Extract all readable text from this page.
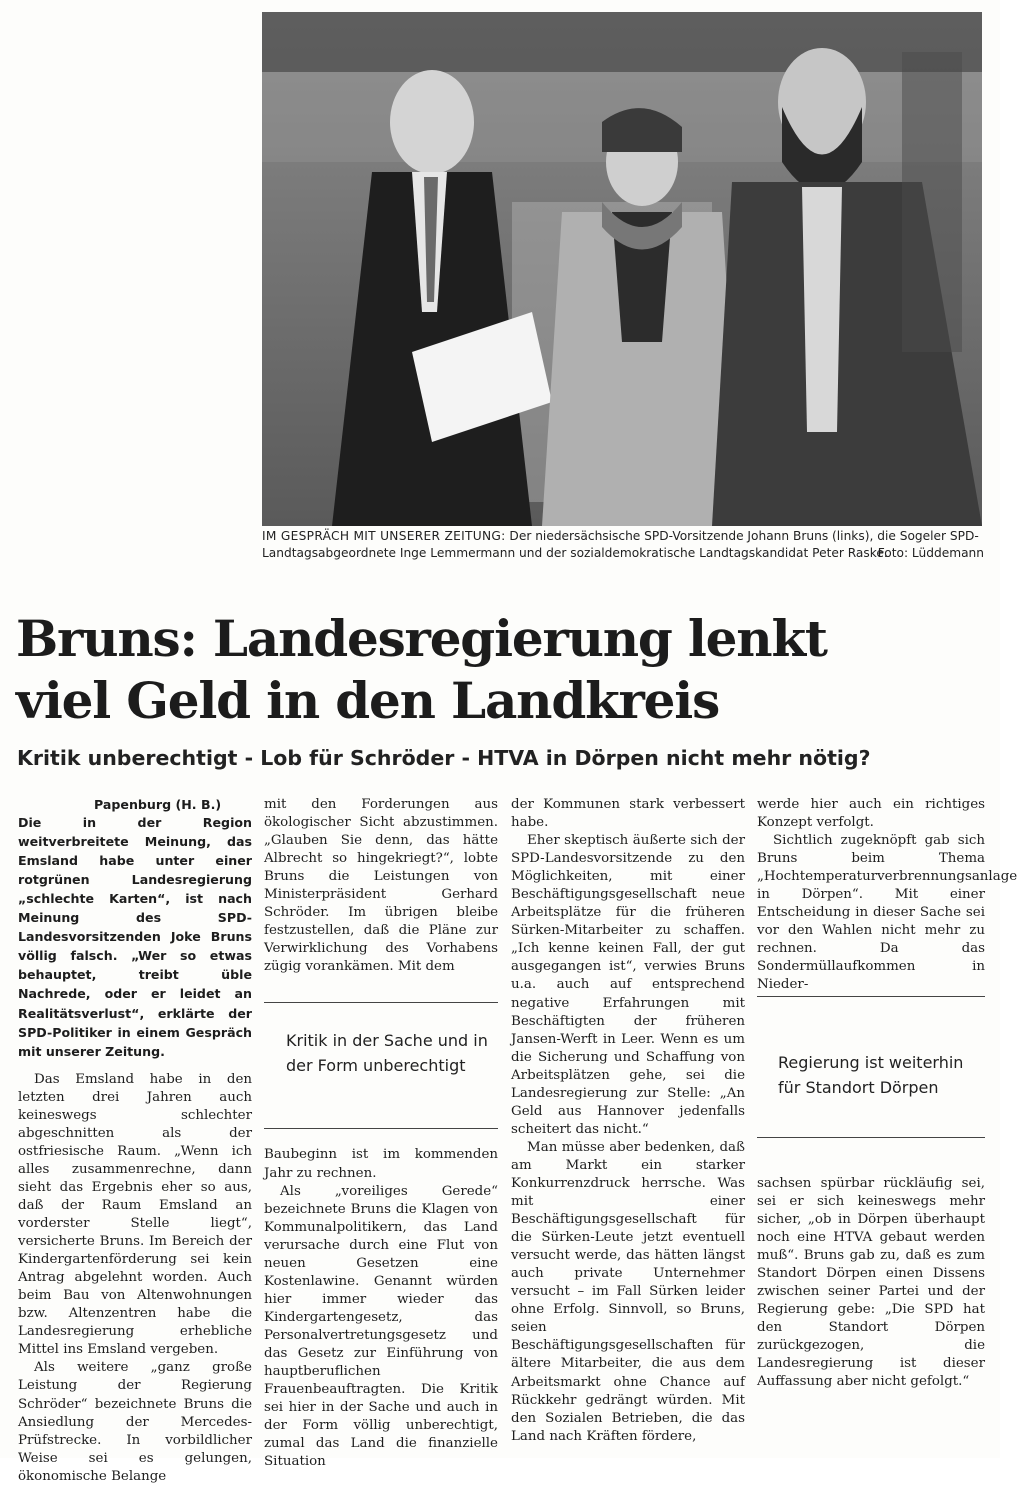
IM GESPRÄCH MIT UNSERER ZEITUNG: Der niedersächsische SPD-Vorsitzende Johann Bruns (links), die Sogeler SPD-Landtagsabgeordnete Inge Lemmermann und der sozialdemokratische Landtagskandidat Peter Raske.
Foto: Lüddemann
Bruns: Landesregierung lenkt
viel Geld in den Landkreis
Kritik unberechtigt - Lob für Schröder - HTVA in Dörpen nicht mehr nötig?

Papenburg (H. B.)

Die in der Region weitverbreitete Meinung, das Emsland habe unter einer rotgrünen Landesregierung „schlechte Karten“, ist nach Meinung des SPD-Landesvorsitzenden Joke Bruns völlig falsch. „Wer so etwas behauptet, treibt üble Nachrede, oder er leidet an Realitätsverlust“, erklärte der SPD-Politiker in einem Gespräch mit unserer Zeitung.

Das Emsland habe in den letzten drei Jahren auch keineswegs schlechter abgeschnitten als der ostfriesische Raum. „Wenn ich alles zusammenrechne, dann sieht das Ergebnis eher so aus, daß der Raum Emsland an vorderster Stelle liegt“, versicherte Bruns. Im Bereich der Kindergartenförderung sei kein Antrag abgelehnt worden. Auch beim Bau von Altenwohnungen bzw. Altenzentren habe die Landesregierung erhebliche Mittel ins Emsland vergeben.

Als weitere „ganz große Leistung der Regierung Schröder“ bezeichnete Bruns die Ansiedlung der Mercedes-Prüfstrecke. In vorbildlicher Weise sei es gelungen, ökonomische Belange

mit den Forderungen aus ökologischer Sicht abzustimmen. „Glauben Sie denn, das hätte Albrecht so hingekriegt?“, lobte Bruns die Leistungen von Ministerpräsident Gerhard Schröder. Im übrigen bleibe festzustellen, daß die Pläne zur Verwirklichung des Vorhabens zügig vorankämen. Mit dem

Baubeginn ist im kommenden Jahr zu rechnen.

Als „voreiliges Gerede“ bezeichnete Bruns die Klagen von Kommunalpolitikern, das Land verursache durch eine Flut von neuen Gesetzen eine Kostenlawine. Genannt würden hier immer wieder das Kindergartengesetz, das Personalvertretungsgesetz und das Gesetz zur Einführung von hauptberuflichen Frauenbeauftragten. Die Kritik sei hier in der Sache und auch in der Form völlig unberechtigt, zumal das Land die finanzielle Situation

Kritik in der Sache und in der Form unberechtigt

der Kommunen stark verbessert habe.

Eher skeptisch äußerte sich der SPD-Landesvorsitzende zu den Möglichkeiten, mit einer Beschäftigungsgesellschaft neue Arbeitsplätze für die früheren Sürken-Mitarbeiter zu schaffen. „Ich kenne keinen Fall, der gut ausgegangen ist“, verwies Bruns u.a. auch auf entsprechend negative Erfahrungen mit Beschäftigten der früheren Jansen-Werft in Leer. Wenn es um die Sicherung und Schaffung von Arbeitsplätzen gehe, sei die Landesregierung zur Stelle: „An Geld aus Hannover jedenfalls scheitert das nicht.“

Man müsse aber bedenken, daß am Markt ein starker Konkurrenzdruck herrsche. Was mit einer Beschäftigungsgesellschaft für die Sürken-Leute jetzt eventuell versucht werde, das hätten längst auch private Unternehmer versucht – im Fall Sürken leider ohne Erfolg. Sinnvoll, so Bruns, seien Beschäftigungsgesellschaften für ältere Mitarbeiter, die aus dem Arbeitsmarkt ohne Chance auf Rückkehr gedrängt würden. Mit den Sozialen Betrieben, die das Land nach Kräften fördere,

werde hier auch ein richtiges Konzept verfolgt.

Sichtlich zugeknöpft gab sich Bruns beim Thema „Hochtemperaturverbrennungsanlage in Dörpen“. Mit einer Entscheidung in dieser Sache sei vor den Wahlen nicht mehr zu rechnen. Da das Sondermüllaufkommen in Nieder-

sachsen spürbar rückläufig sei, sei er sich keineswegs mehr sicher, „ob in Dörpen überhaupt noch eine HTVA gebaut werden muß“. Bruns gab zu, daß es zum Standort Dörpen einen Dissens zwischen seiner Partei und der Regierung gebe: „Die SPD hat den Standort Dörpen zurückgezogen, die Landesregierung ist dieser Auffassung aber nicht gefolgt.“

Regierung ist weiterhin für Standort Dörpen
